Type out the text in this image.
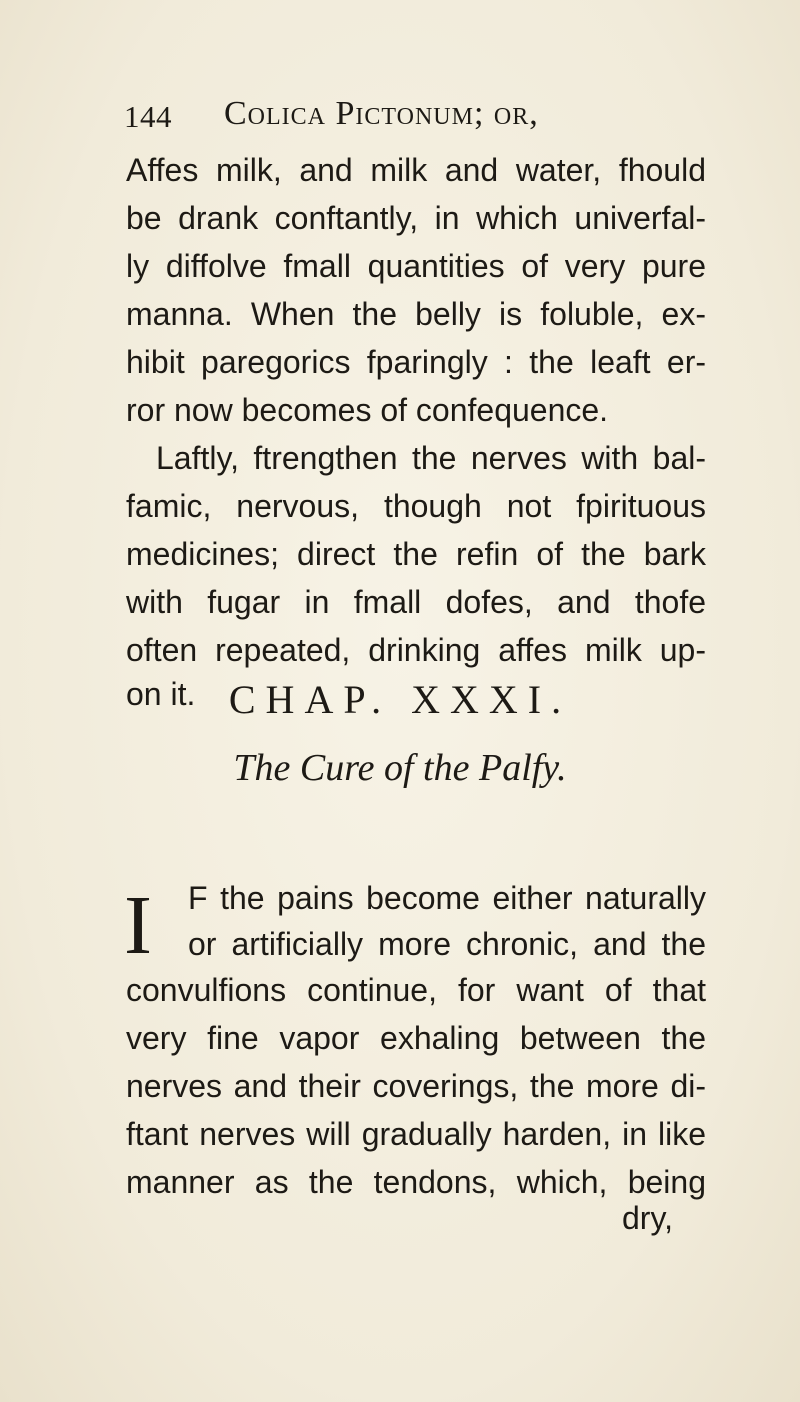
144 Colica Pictonum; or,
Affes milk, and milk and water, fhould
be drank conftantly, in which univerfal-
ly diffolve fmall quantities of very pure
manna. When the belly is foluble, ex-
hibit paregorics fparingly : the leaft er-
ror now becomes of confequence.
Laftly, ftrengthen the nerves with bal-
famic, nervous, though not fpirituous
medicines; direct the refin of the bark
with fugar in fmall dofes, and thofe
often repeated, drinking affes milk up-
on it. CHAP. XXXI.
The Cure of the Palfy.
I F the pains become either naturally
or artificially more chronic, and the
convulfions continue, for want of that
very fine vapor exhaling between the
nerves and their coverings, the more di-
ftant nerves will gradually harden, in like
manner as the tendons, which, being
dry,
